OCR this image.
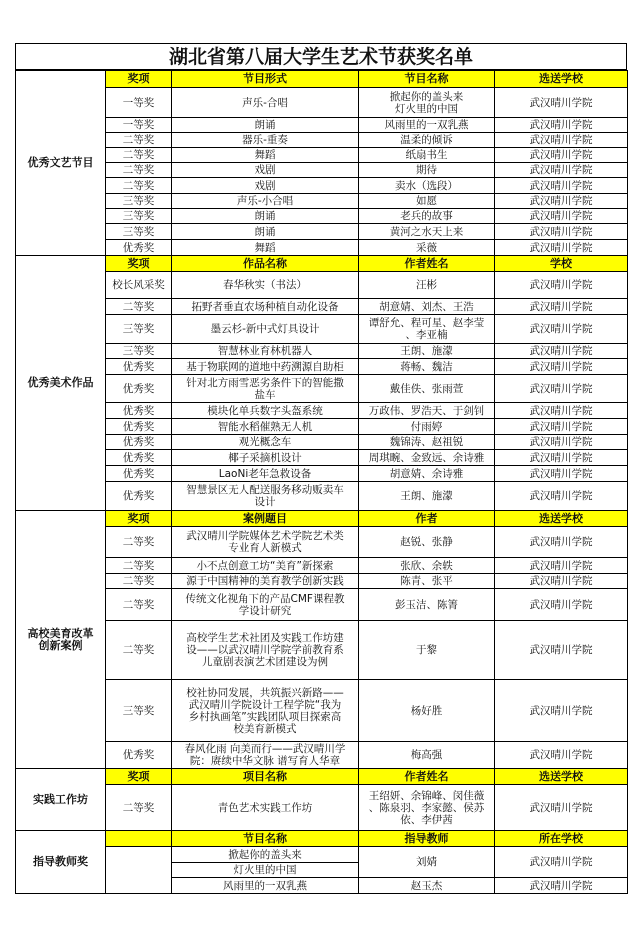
湖北省第八届大学生艺术节获奖名单
优秀文艺节目	奖项	节目形式	节目名称	选送学校
	一等奖	声乐-合唱	掀起你的盖头来
灯火里的中国	武汉晴川学院
	一等奖	朗诵	风雨里的一双乳燕	武汉晴川学院
	二等奖	器乐-重奏	温柔的倾诉	武汉晴川学院
	二等奖	舞蹈	纸扇书生	武汉晴川学院
	二等奖	戏剧	期待	武汉晴川学院
	二等奖	戏剧	卖水（选段）	武汉晴川学院
	三等奖	声乐-小合唱	如愿	武汉晴川学院
	三等奖	朗诵	老兵的故事	武汉晴川学院
	三等奖	朗诵	黄河之水天上来	武汉晴川学院
	优秀奖	舞蹈	采薇	武汉晴川学院
优秀美术作品	奖项	作品名称	作者姓名	学校
	校长风采奖	春华秋实（书法）	汪彬	武汉晴川学院
	二等奖	拓野者垂直农场种植自动化设备	胡意婧、刘杰、王浩	武汉晴川学院
	三等奖	墨云杉-新中式灯具设计	谭舒允、程可星、赵李莹
、李亚楠	武汉晴川学院
	三等奖	智慧林业育林机器人	王朗、施濛	武汉晴川学院
	优秀奖	基于物联网的道地中药溯源自助柜	蒋畅、魏洁	武汉晴川学院
	优秀奖	针对北方雨雪恶劣条件下的智能撒
盐车	戴佳佚、张雨萱	武汉晴川学院
	优秀奖	模块化单兵数字头盔系统	万政伟、罗浩天、于剑钊	武汉晴川学院
	优秀奖	智能水稻催熟无人机	付雨婷	武汉晴川学院
	优秀奖	观光概念车	魏锦涛、赵祖锐	武汉晴川学院
	优秀奖	椰子采摘机设计	周琪畹、金致远、余诗雅	武汉晴川学院
	优秀奖	LaoNi老年急救设备	胡意婧、余诗雅	武汉晴川学院
	优秀奖	智慧景区无人配送服务移动贩卖车
设计	王朗、施濛	武汉晴川学院
高校美育改革
创新案例	奖项	案例题目	作者	选送学校
	二等奖	武汉晴川学院媒体艺术学院艺术类
专业育人新模式	赵锐、张静	武汉晴川学院
	二等奖	小不点创意工坊“美育”新探索	张欣、余轶	武汉晴川学院
	二等奖	源于中国精神的美育教学创新实践	陈青、张平	武汉晴川学院
	二等奖	传统文化视角下的产品CMF课程教
学设计研究	彭玉洁、陈箐	武汉晴川学院
	二等奖	高校学生艺术社团及实践工作坊建
设——以武汉晴川学院学前教育系
儿童剧表演艺术团建设为例	于黎	武汉晴川学院
	三等奖	校社协同发展，共筑振兴新路——
武汉晴川学院设计工程学院“我为
乡村执画笔”实践团队项目探索高
校美育新模式	杨好胜	武汉晴川学院
	优秀奖	春风化雨 向美而行——武汉晴川学
院：赓续中华文脉 谱写育人华章	梅高强	武汉晴川学院
实践工作坊	奖项	项目名称	作者姓名	选送学校
	二等奖	青色艺术实践工作坊	王绍妍、余锦峰、闵佳薇
、陈泉羽、李家懿、侯苏
依、李伊茜	武汉晴川学院
指导教师奖		节目名称	指导教师	所在学校
		掀起你的盖头来	刘婧	武汉晴川学院
		灯火里的中国		
		风雨里的一双乳燕	赵玉杰	武汉晴川学院
